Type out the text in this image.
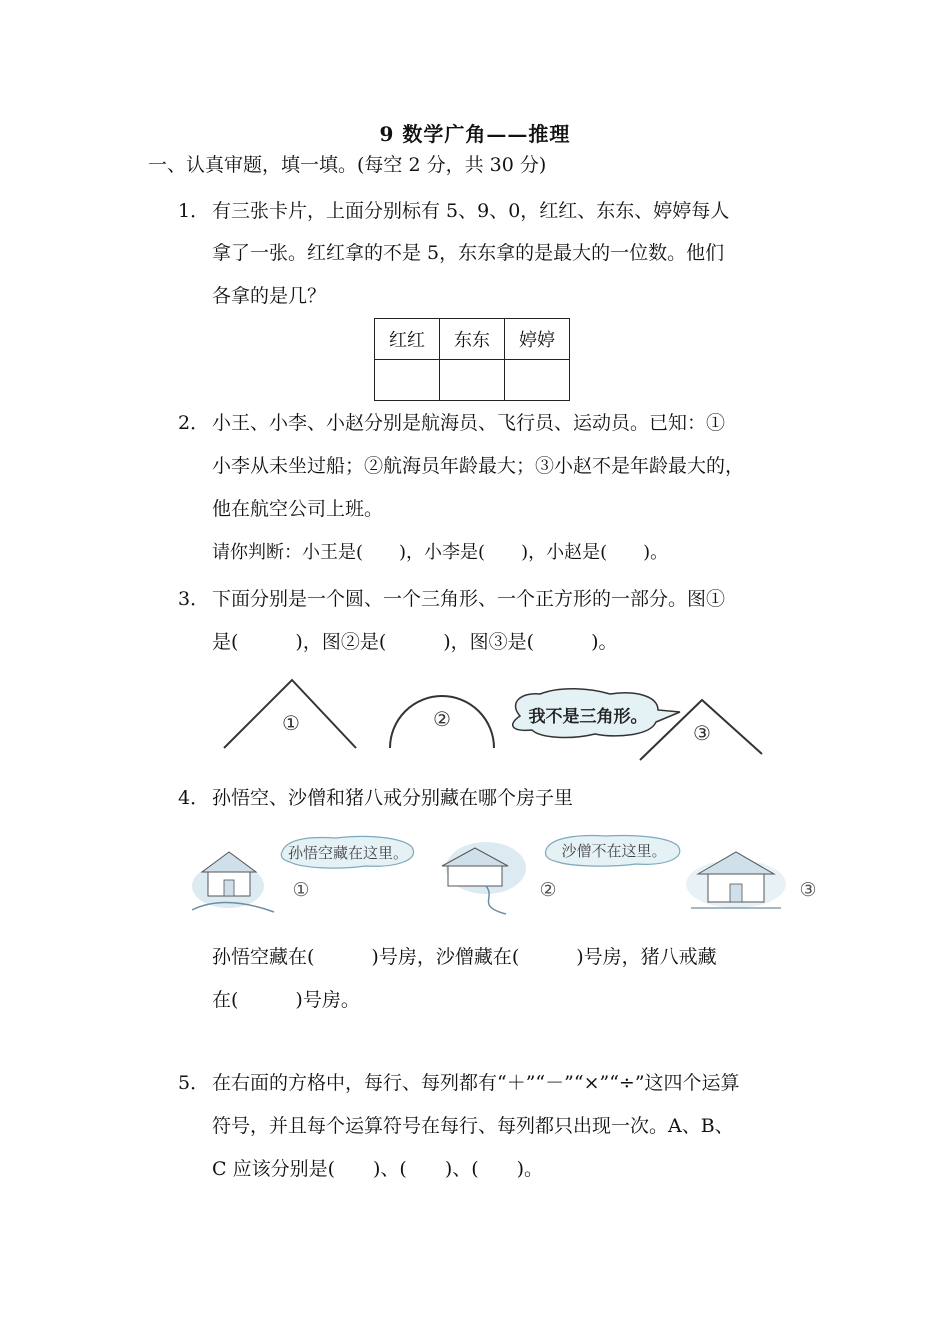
9 数学广角——推理
一、认真审题，填一填。(每空 2 分，共 30 分)
1． 有三张卡片，上面分别标有 5、9、0，红红、东东、婷婷每人
拿了一张。红红拿的不是 5，东东拿的是最大的一位数。他们
各拿的是几？
红红	东东	婷婷

2． 小王、小李、小赵分别是航海员、飞行员、运动员。已知：①
小李从未坐过船；②航海员年龄最大；③小赵不是年龄最大的，
他在航空公司上班。
请你判断：小王是(　　)，小李是(　　)，小赵是(　　)。
3． 下面分别是一个圆、一个三角形、一个正方形的一部分。图①
是(　　　)，图②是(　　　)，图③是(　　　)。
①	②	我不是三角形。
③
4． 孙悟空、沙僧和猪八戒分别藏在哪个房子里
①
孙悟空藏在这里。
②
沙僧不在这里。
③
孙悟空藏在(　　　)号房，沙僧藏在(　　　)号房，猪八戒藏
在(　　　)号房。
5． 在右面的方格中，每行、每列都有“＋”“－”“×”“÷”这四个运算
符号，并且每个运算符号在每行、每列都只出现一次。A、B、
C 应该分别是(　　)、(　　)、(　　)。
